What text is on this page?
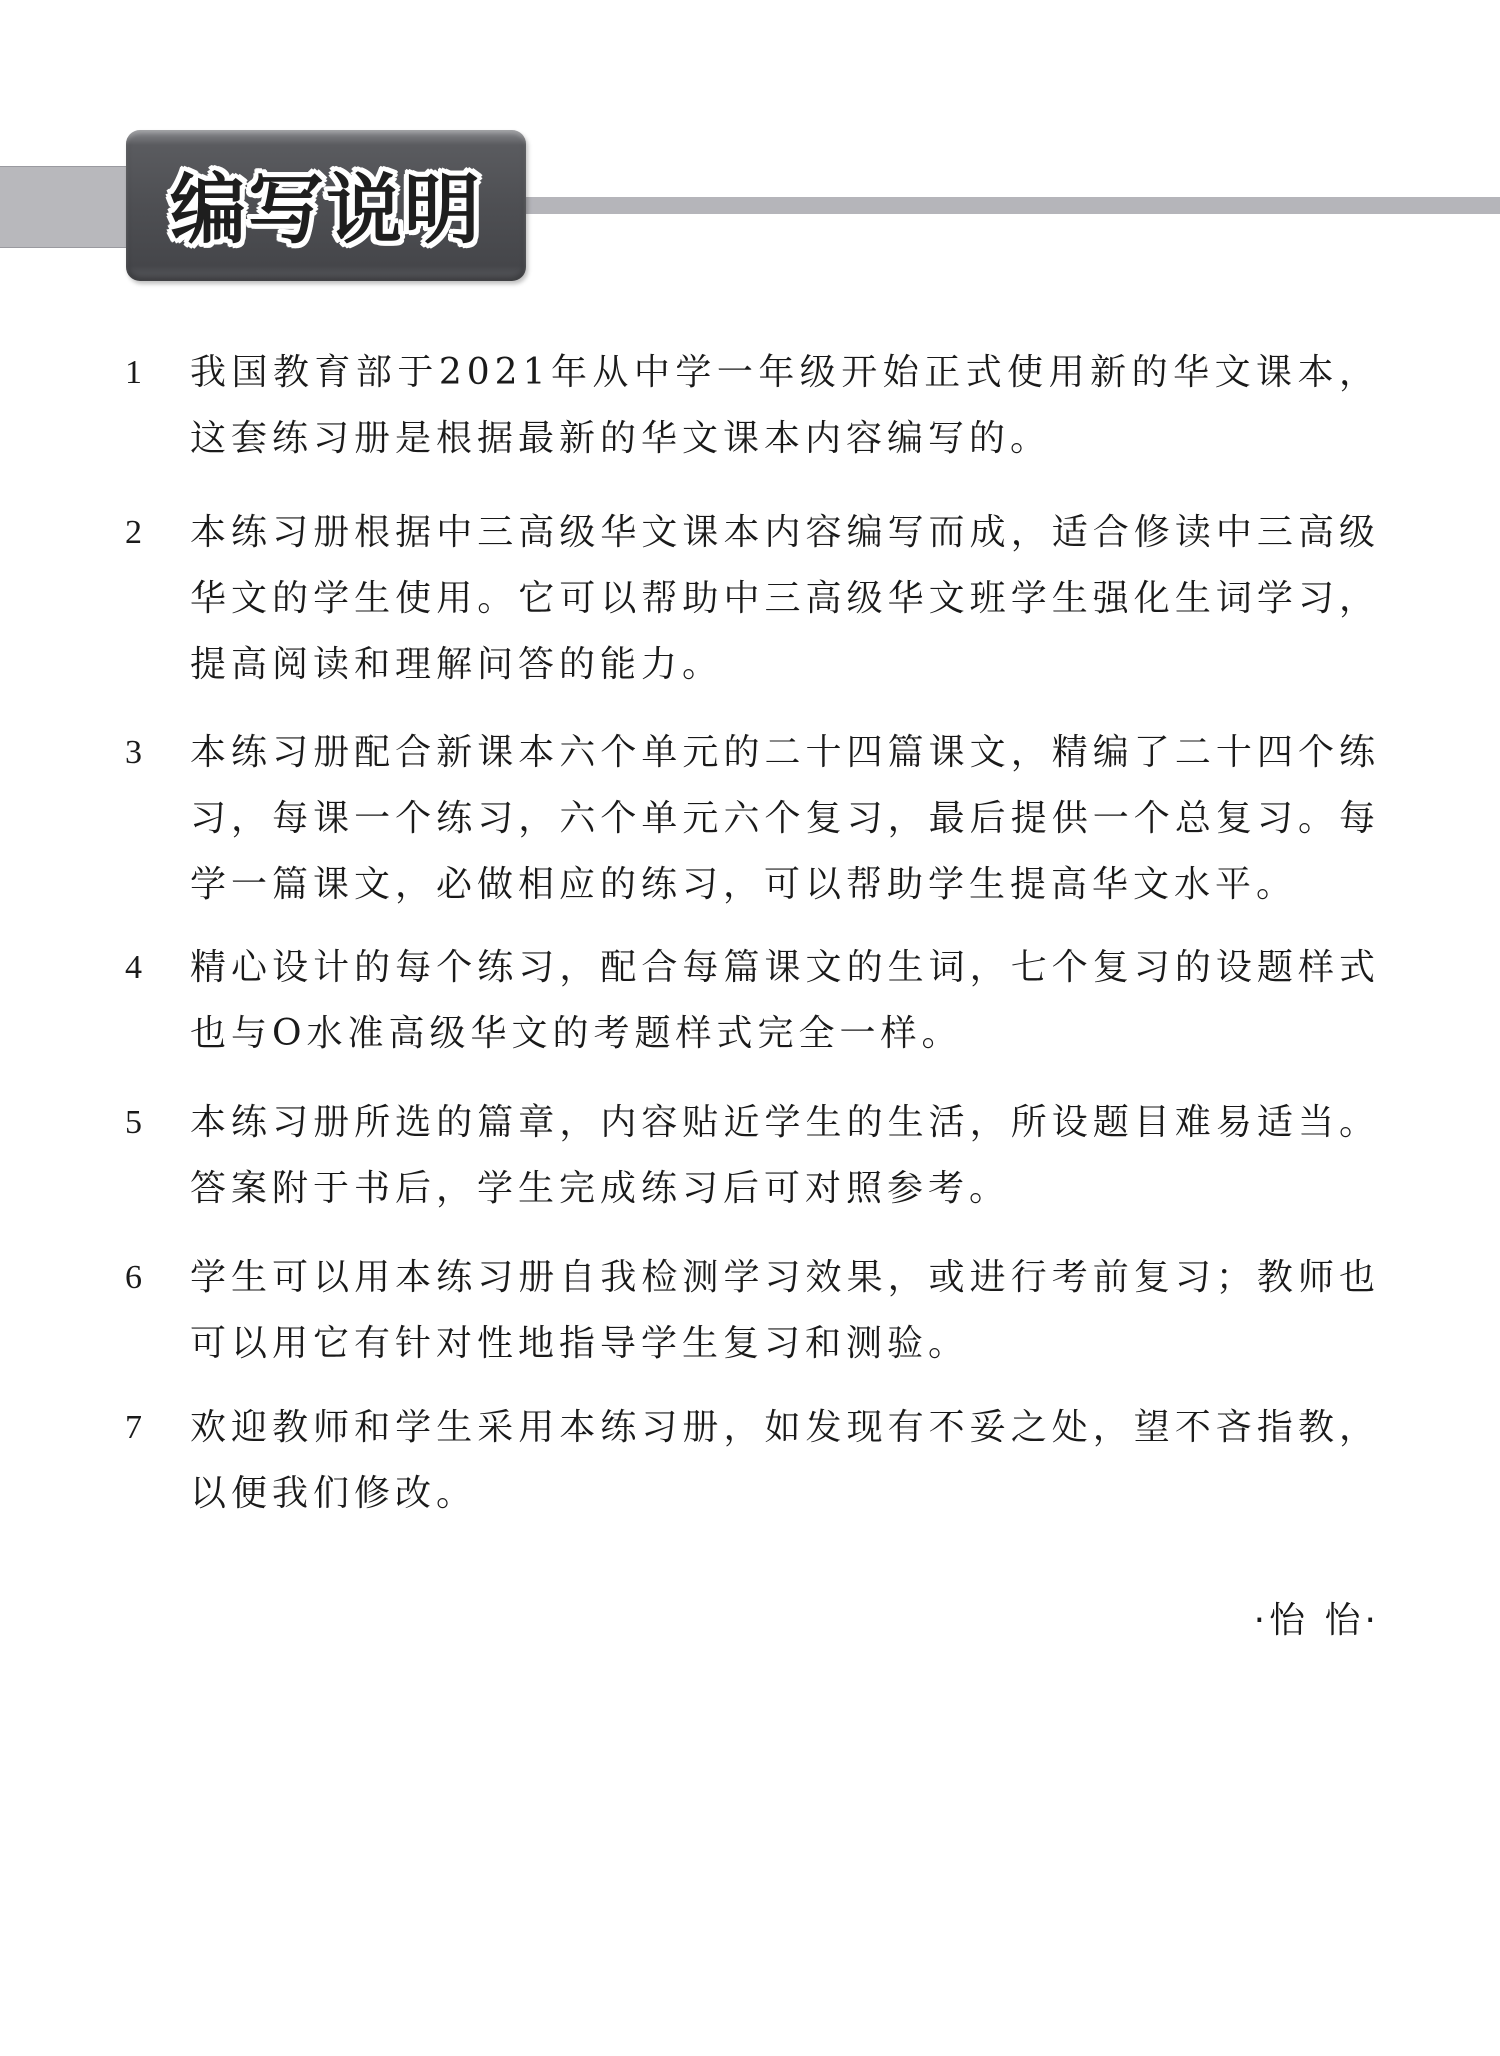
编写说明
1 我国教育部于2021年从中学一年级开始正式使用新的华文课本，这套练习册是根据最新的华文课本内容编写的。
2 本练习册根据中三高级华文课本内容编写而成，适合修读中三高级华文的学生使用。它可以帮助中三高级华文班学生强化生词学习，提高阅读和理解问答的能力。
3 本练习册配合新课本六个单元的二十四篇课文，精编了二十四个练习，每课一个练习，六个单元六个复习，最后提供一个总复习。每学一篇课文，必做相应的练习，可以帮助学生提高华文水平。
4 精心设计的每个练习，配合每篇课文的生词，七个复习的设题样式也与O水准高级华文的考题样式完全一样。
5 本练习册所选的篇章，内容贴近学生的生活，所设题目难易适当。答案附于书后，学生完成练习后可对照参考。
6 学生可以用本练习册自我检测学习效果，或进行考前复习；教师也可以用它有针对性地指导学生复习和测验。
7 欢迎教师和学生采用本练习册，如发现有不妥之处，望不吝指教，以便我们修改。
·怡 怡·
